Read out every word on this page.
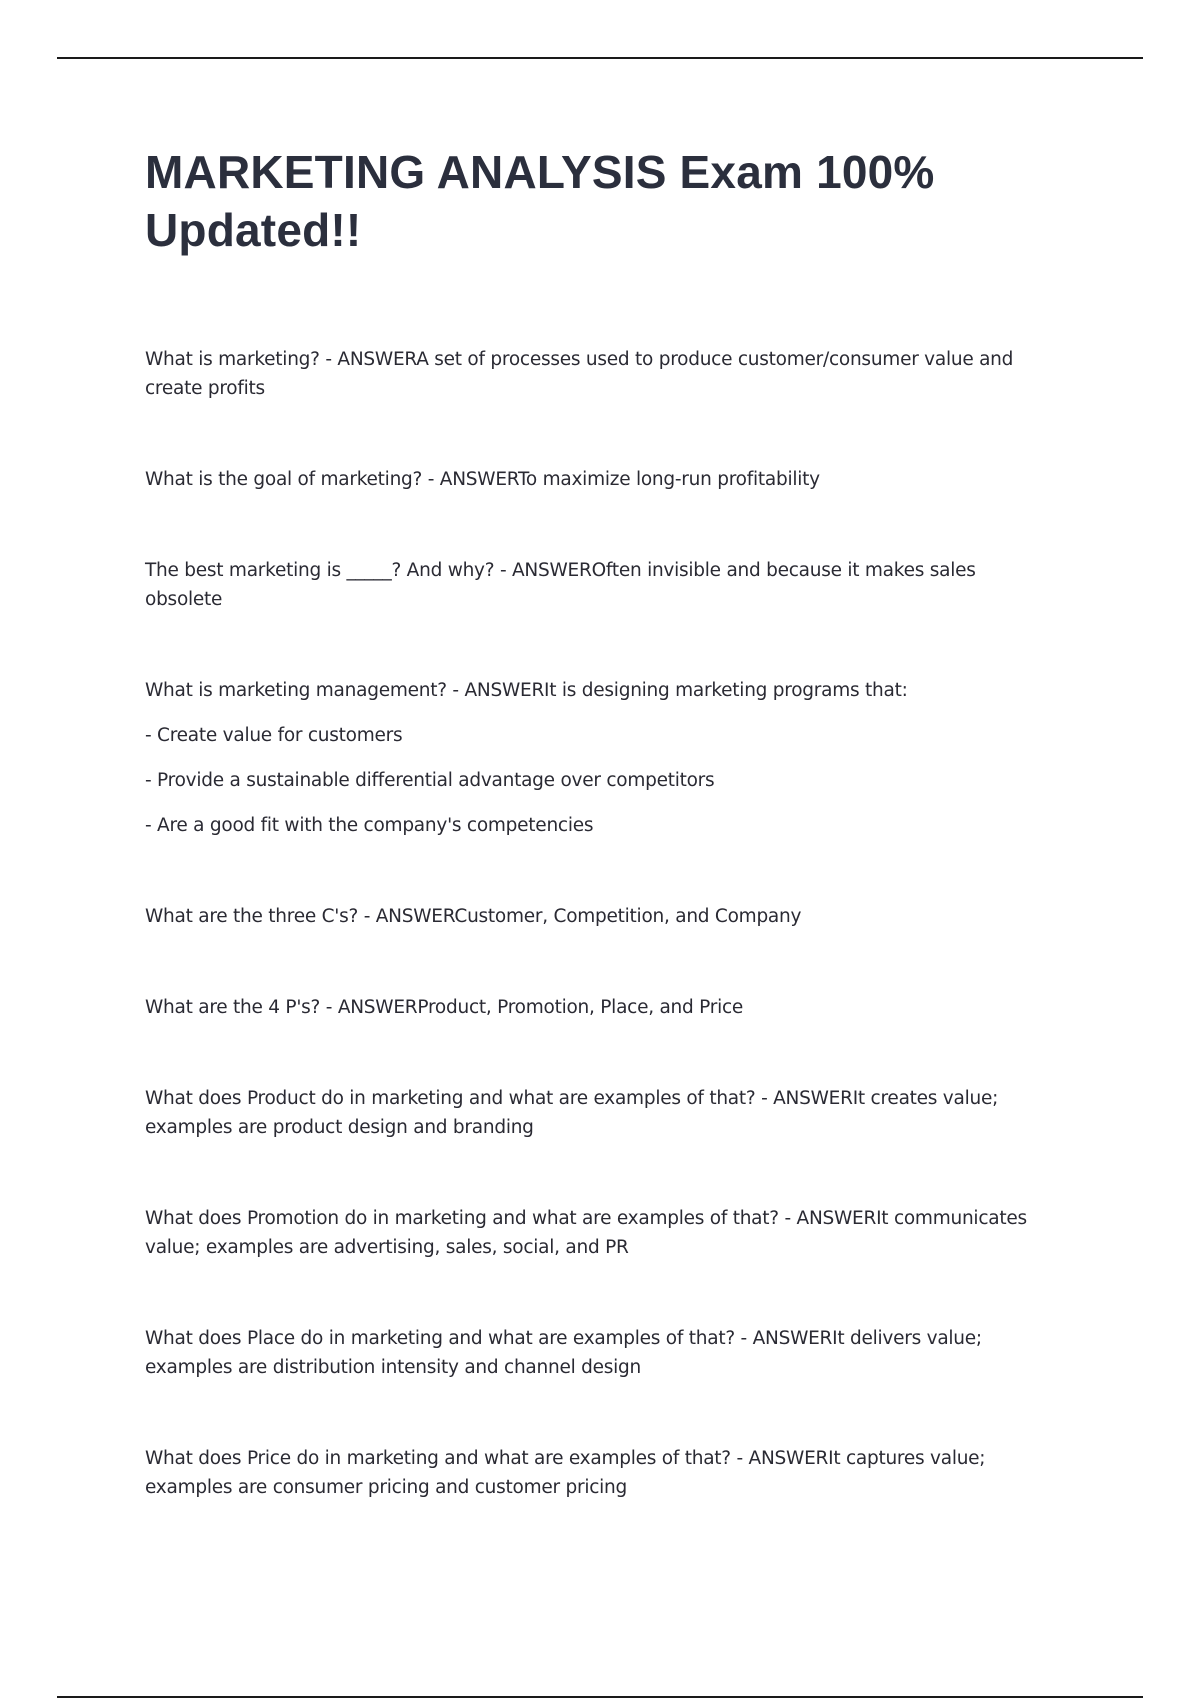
MARKETING ANALYSIS Exam 100% Updated!!

What is marketing? - ANSWERA set of processes used to produce customer/consumer value and create profits

What is the goal of marketing? - ANSWERTo maximize long-run profitability

The best marketing is _____? And why? - ANSWEROften invisible and because it makes sales obsolete

What is marketing management? - ANSWERIt is designing marketing programs that:

- Create value for customers

- Provide a sustainable differential advantage over competitors

- Are a good fit with the company's competencies

What are the three C's? - ANSWERCustomer, Competition, and Company

What are the 4 P's? - ANSWERProduct, Promotion, Place, and Price

What does Product do in marketing and what are examples of that? - ANSWERIt creates value; examples are product design and branding

What does Promotion do in marketing and what are examples of that? - ANSWERIt communicates value; examples are advertising, sales, social, and PR

What does Place do in marketing and what are examples of that? - ANSWERIt delivers value; examples are distribution intensity and channel design

What does Price do in marketing and what are examples of that? - ANSWERIt captures value; examples are consumer pricing and customer pricing
